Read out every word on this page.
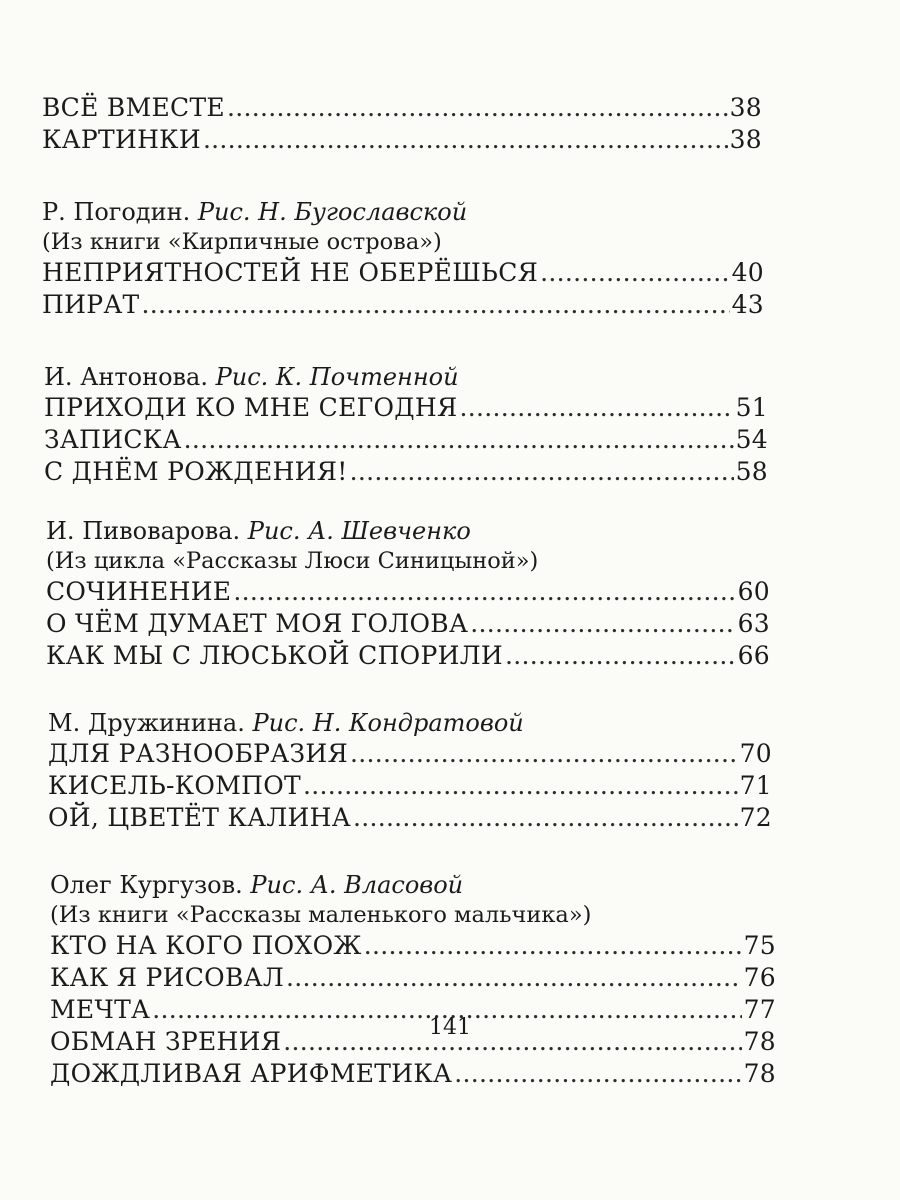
ВСЁ ВМЕСТЕ .....	38
КАРТИНКИ .....	38
Р. Погодин. Рис. Н. Бугославской
(Из книги «Кирпичные острова»)
НЕПРИЯТНОСТЕЙ НЕ ОБЕРЁШЬСЯ .....	40
ПИРАТ .....	43
И. Антонова. Рис. К. Почтенной
ПРИХОДИ КО МНЕ СЕГОДНЯ .....	51
ЗАПИСКА .....	54
С ДНЁМ РОЖДЕНИЯ! .....	58
И. Пивоварова. Рис. А. Шевченко
(Из цикла «Рассказы Люси Синицыной»)
СОЧИНЕНИЕ .....	60
О ЧЁМ ДУМАЕТ МОЯ ГОЛОВА .....	63
КАК МЫ С ЛЮСЬКОЙ СПОРИЛИ .....	66
М. Дружинина. Рис. Н. Кондратовой
ДЛЯ РАЗНООБРАЗИЯ .....	70
КИСЕЛЬ-КОМПОТ .....	71
ОЙ, ЦВЕТЁТ КАЛИНА .....	72
Олег Кургузов. Рис. А. Власовой
(Из книги «Рассказы маленького мальчика»)
КТО НА КОГО ПОХОЖ .....	75
КАК Я РИСОВАЛ .....	76
МЕЧТА .....	77
ОБМАН ЗРЕНИЯ .....	78
ДОЖДЛИВАЯ АРИФМЕТИКА .....	78
141
